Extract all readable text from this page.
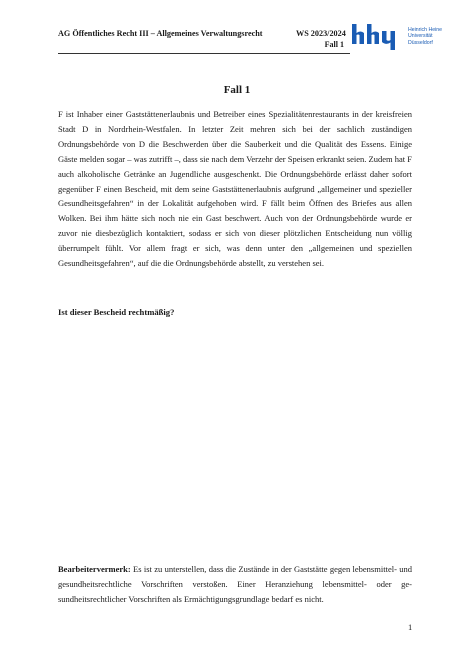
AG Öffentliches Recht III – Allgemeines Verwaltungsrecht	WS 2023/2024
Fall 1
Heinrich Heine
Universität
Düsseldorf
Fall 1
F ist Inhaber einer Gaststättenerlaubnis und Betreiber eines Spezialitätenrestaurants in der kreisfreien Stadt D in Nordrhein-Westfalen. In letzter Zeit mehren sich bei der sachlich zuständigen Ordnungsbehörde von D die Beschwerden über die Sauberkeit und die Qualität des Essens. Einige Gäste melden sogar – was zutrifft –, dass sie nach dem Verzehr der Speisen erkrankt seien. Zudem hat F auch alkoholische Getränke an Jugendliche ausgeschenkt. Die Ordnungsbehörde erlässt daher sofort gegenüber F einen Bescheid, mit dem seine Gaststättenerlaubnis aufgrund „allgemeiner und spezieller Gesundheitsgefahren“ in der Lokalität aufgehoben wird. F fällt beim Öffnen des Briefes aus allen Wolken. Bei ihm hätte sich noch nie ein Gast beschwert. Auch von der Ordnungsbehörde wurde er zuvor nie diesbezüglich kontaktiert, sodass er sich von dieser plötzlichen Entscheidung nun völlig überrumpelt fühlt. Vor allem fragt er sich, was denn unter den „allgemeinen und speziellen Gesundheitsgefahren“, auf die die Ordnungsbehörde abstellt, zu verstehen sei.
Ist dieser Bescheid rechtmäßig?
Bearbeitervermerk: Es ist zu unterstellen, dass die Zustände in der Gaststätte gegen lebensmittel- und gesundheitsrechtliche Vorschriften verstoßen. Einer Heranziehung lebensmittel- oder gesundheitsrechtlicher Vorschriften als Ermächtigungsgrundlage bedarf es nicht.
1
